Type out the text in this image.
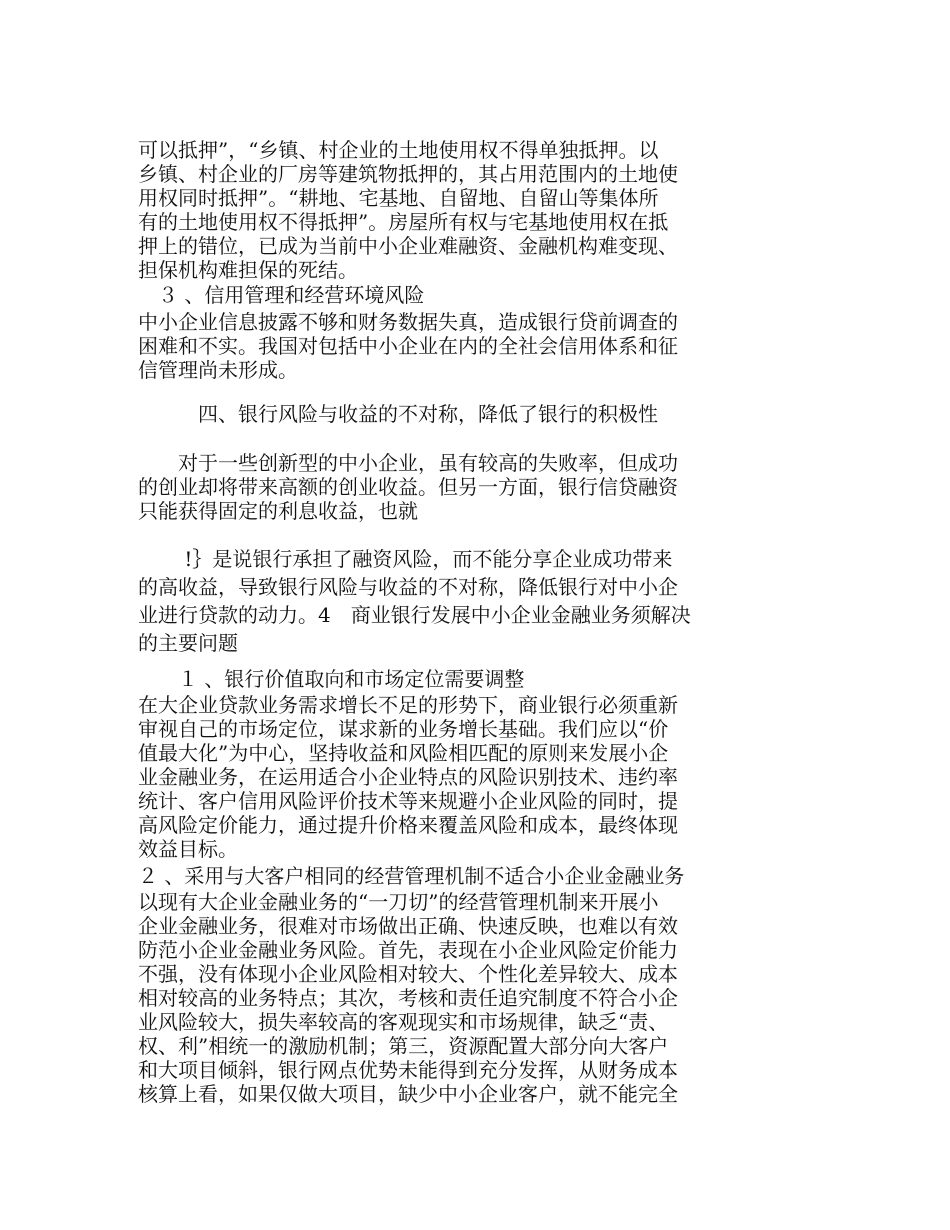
可以抵押”，“乡镇、村企业的土地使用权不得单独抵押。以
乡镇、村企业的厂房等建筑物抵押的，其占用范围内的土地使
用权同时抵押”。“耕地、宅基地、自留地、自留山等集体所
有的土地使用权不得抵押”。房屋所有权与宅基地使用权在抵
押上的错位，已成为当前中小企业难融资、金融机构难变现、
担保机构难担保的死结。
　３ 、信用管理和经营环境风险
中小企业信息披露不够和财务数据失真，造成银行贷前调查的
困难和不实。我国对包括中小企业在内的全社会信用体系和征
信管理尚未形成。
　　　四、银行风险与收益的不对称，降低了银行的积极性
　　对于一些创新型的中小企业，虽有较高的失败率，但成功
的创业却将带来高额的创业收益。但另一方面，银行信贷融资
只能获得固定的利息收益，也就
　　 !｝是说银行承担了融资风险，而不能分享企业成功带来
的高收益，导致银行风险与收益的不对称，降低银行对中小企
业进行贷款的动力。4　商业银行发展中小企业金融业务须解决
的主要问题
　　１ 、银行价值取向和市场定位需要调整
在大企业贷款业务需求增长不足的形势下，商业银行必须重新
审视自己的市场定位，谋求新的业务增长基础。我们应以“价
值最大化”为中心，坚持收益和风险相匹配的原则来发展小企
业金融业务，在运用适合小企业特点的风险识别技术、违约率
统计、客户信用风险评价技术等来规避小企业风险的同时，提
高风险定价能力，通过提升价格来覆盖风险和成本，最终体现
效益目标。
２ 、采用与大客户相同的经营管理机制不适合小企业金融业务
以现有大企业金融业务的“一刀切”的经营管理机制来开展小
企业金融业务，很难对市场做出正确、快速反映，也难以有效
防范小企业金融业务风险。首先，表现在小企业风险定价能力
不强，没有体现小企业风险相对较大、个性化差异较大、成本
相对较高的业务特点；其次，考核和责任追究制度不符合小企
业风险较大，损失率较高的客观现实和市场规律，缺乏“责、
权、利”相统一的激励机制；第三，资源配置大部分向大客户
和大项目倾斜，银行网点优势未能得到充分发挥，从财务成本
核算上看，如果仅做大项目，缺少中小企业客户，就不能完全
